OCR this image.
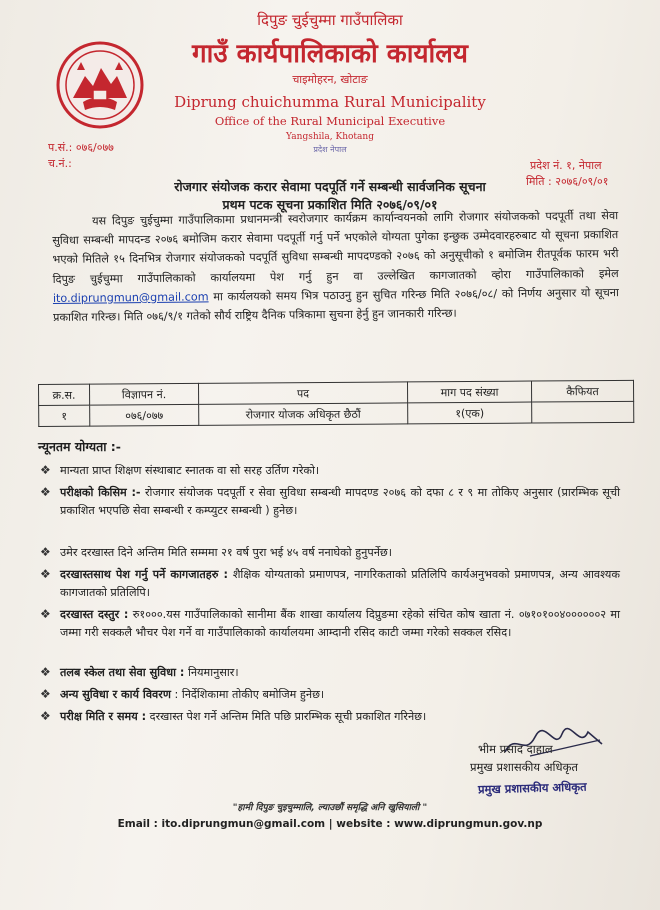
दिपुङ चुईचुम्मा गाउँपालिका
गाउँ कार्यपालिकाको कार्यालय
चाइमोहरन, खोटाङ
Diprung chuichumma Rural Municipality
Office of the Rural Municipal Executive
Yangshila, Khotang
प्रदेश नेपाल
प.सं.: ०७६/०७७
च.नं.:	प्रदेश नं. १, नेपाल
मिति : २०७६/०९/०१
रोजगार संयोजक करार सेवामा पदपूर्ति गर्ने सम्बन्धी सार्वजनिक सूचना
प्रथम पटक सूचना प्रकाशित मिति २०७६/०९/०१
यस दिपुङ चुईचुम्मा गाउँपालिकामा प्रधानमन्त्री स्वरोजगार कार्यक्रम कार्यान्वयनको लागि रोजगार संयोजकको पदपूर्ती तथा सेवा सुविधा सम्बन्धी मापदन्ड २०७६ बमोजिम करार सेवामा पदपूर्ती गर्नु पर्ने भएकोले योग्यता पुगेका इन्छुक उम्मेदवारहरुबाट यो सूचना प्रकाशित भएको मितिले १५ दिनभित्र रोजगार संयोजकको पदपूर्ति सुविधा सम्बन्धी मापदण्डको २०७६ को अनुसूचीको १ बमोजिम रीतपूर्वक फारम भरी दिपुङ चुईचुम्मा गाउँपालिकाको कार्यालयमा पेश गर्नु हुन वा उल्लेखित कागजातको व्होरा गाउँपालिकाको इमेल ito.diprungmun@gmail.com मा कार्यलयको समय भित्र पठाउनु हुन सुचित गरिन्छ मिति २०७६/०८/ को निर्णय अनुसार यो सूचना प्रकाशित गरिन्छ। मिति ०७६/९/१ गतेको सौर्य राष्ट्रिय दैनिक पत्रिकामा सुचना हेर्नु हुन जानकारी गरिन्छ।
क्र.स.	विज्ञापन नं.	पद	माग पद संख्या	कैफियत
१	०७६/०७७	रोजगार योजक अधिकृत छैठौं	१(एक)	
न्यूनतम योग्यता :-
❖ मान्यता प्राप्त शिक्षण संस्थाबाट स्नातक वा सो सरह उर्तिण गरेको।
❖ परीक्षको किसिम :- रोजगार संयोजक पदपूर्ती र सेवा सुविधा सम्बन्धी मापदण्ड २०७६ को दफा ८ र ९ मा तोकिए अनुसार (प्रारम्भिक सूची प्रकाशित भएपछि सेवा सम्बन्धी र कम्प्युटर सम्बन्धी ) हुनेछ।
❖ उमेर दरखास्त दिने अन्तिम मिति सम्ममा २१ वर्ष पुरा भई ४५ वर्ष ननाघेको हुनुपर्नेछ।
❖ दरखास्तसाथ पेश गर्नु पर्ने कागजातहरु : शैक्षिक योग्यताको प्रमाणपत्र, नागरिकताको प्रतिलिपि कार्यअनुभवको प्रमाणपत्र, अन्य आवश्यक कागजातको प्रतिलिपि।
❖ दरखास्त दस्तुर : रु१०००.यस गाउँपालिकाको सानीमा बैंक शाखा कार्यालय दिप्रुङमा रहेको संचित कोष खाता नं. ०७१०१००४००००००२ मा जम्मा गरी सक्कलै भौचर पेश गर्ने वा गाउँपालिकाको कार्यालयमा आम्दानी रसिद काटी जम्मा गरेको सक्कल रसिद।
❖ तलब स्केल तथा सेवा सुविधा : नियमानुसार।
❖ अन्य सुविधा र कार्य विवरण : निर्देशिकामा तोकीए बमोजिम हुनेछ।
❖ परीक्ष मिति र समय : दरखास्त पेश गर्ने अन्तिम मिति पछि प्रारम्भिक सूची प्रकाशित गरिनेछ।
भीम प्रसाद दाहाल
प्रमुख प्रशासकीय अधिकृत
प्रमुख प्रशासकीय अधिकृत
"हामी दिपुङ चुइचुम्मालि, ल्याउछौं समृद्धि अनि खुसियाली "
Email : ito.diprungmun@gmail.com | website : www.diprungmun.gov.np
